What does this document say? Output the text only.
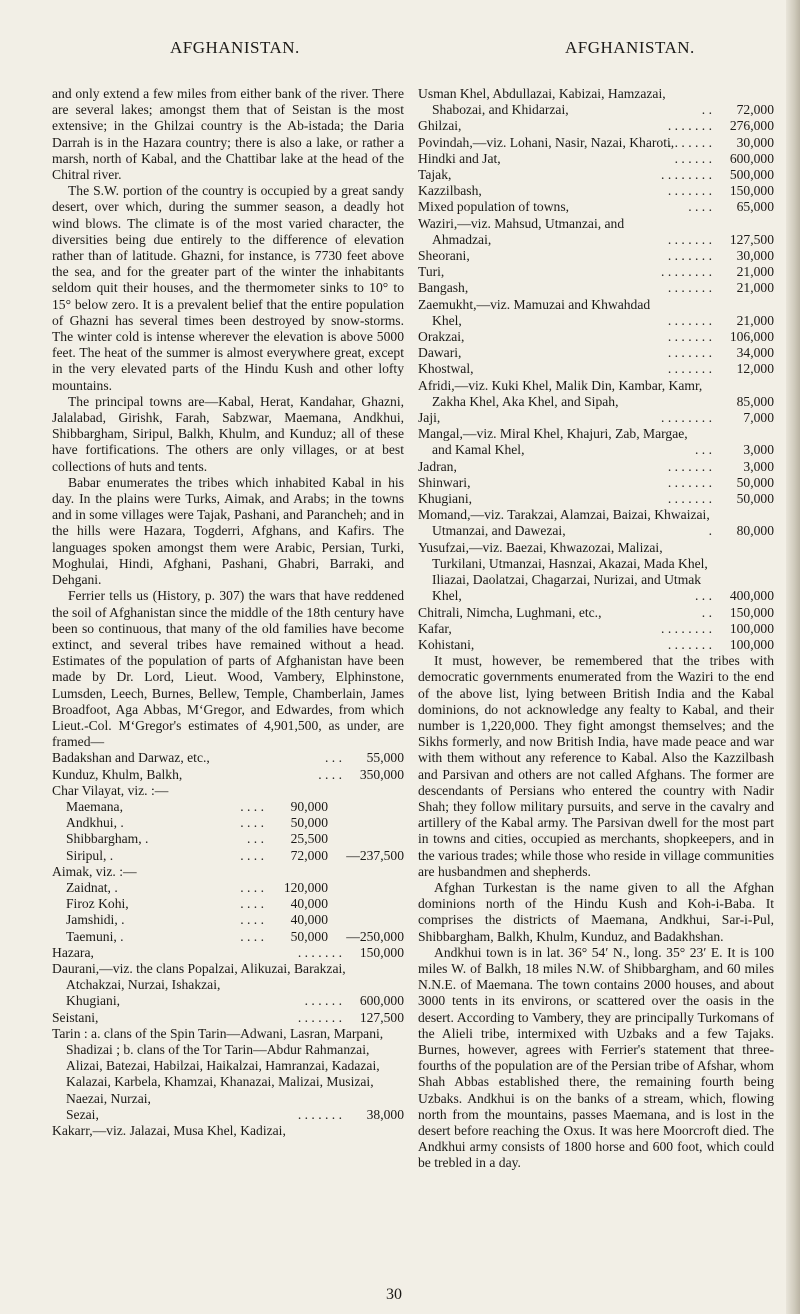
AFGHANISTAN.	AFGHANISTAN.

and only extend a few miles from either bank of the river. There are several lakes; amongst them that of Seistan is the most extensive; in the Ghilzai country is the Ab-istada; the Daria Darrah is in the Hazara country; there is also a lake, or rather a marsh, north of Kabal, and the Chattibar lake at the head of the Chitral river.

The S.W. portion of the country is occupied by a great sandy desert, over which, during the summer season, a deadly hot wind blows. The climate is of the most varied character, the diversities being due entirely to the difference of elevation rather than of latitude. Ghazni, for instance, is 7730 feet above the sea, and for the greater part of the winter the inhabitants seldom quit their houses, and the thermometer sinks to 10° to 15° below zero. It is a prevalent belief that the entire population of Ghazni has several times been destroyed by snow-storms. The winter cold is intense wherever the elevation is above 5000 feet. The heat of the summer is almost everywhere great, except in the very elevated parts of the Hindu Kush and other lofty mountains.

The principal towns are—Kabal, Herat, Kandahar, Ghazni, Jalalabad, Girishk, Farah, Sabzwar, Maemana, Andkhui, Shibbargham, Siripul, Balkh, Khulm, and Kunduz; all of these have fortifications. The others are only villages, or at best collections of huts and tents.

Babar enumerates the tribes which inhabited Kabal in his day. In the plains were Turks, Aimak, and Arabs; in the towns and in some villages were Tajak, Pashani, and Parancheh; and in the hills were Hazara, Togderri, Afghans, and Kafirs. The languages spoken amongst them were Arabic, Persian, Turki, Moghulai, Hindi, Afghani, Pashani, Ghabri, Barraki, and Dehgani.

Ferrier tells us (History, p. 307) the wars that have reddened the soil of Afghanistan since the middle of the 18th century have been so continuous, that many of the old families have become extinct, and several tribes have remained without a head. Estimates of the population of parts of Afghanistan have been made by Dr. Lord, Lieut. Wood, Vambery, Elphinstone, Lumsden, Leech, Burnes, Bellew, Temple, Chamberlain, James Broadfoot, Aga Abbas, M‘Gregor, and Edwardes, from which Lieut.-Col. M‘Gregor's estimates of 4,901,500, as under, are framed—

Badakshan and Darwaz, etc.,	. . .	55,000
Kunduz, Khulm, Balkh,	. . . .	350,000
Char Vilayat, viz. :—
Maemana,	. . . .	90,000
Andkhui, .	. . . .	50,000
Shibbargham, .	. . .	25,500
Siripul, .	. . . .	72,000	—237,500
Aimak, viz. :—
Zaidnat, .	. . . .	120,000
Firoz Kohi,	. . . .	40,000
Jamshidi, .	. . . .	40,000
Taemuni, .	. . . .	50,000	—250,000
Hazara,	. . . . . . .	150,000
Daurani,—viz. the clans Popalzai, Alikuzai, Barakzai, Atchakzai, Nurzai, Ishakzai,
Khugiani,	. . . . . .	600,000
Seistani,	. . . . . . .	127,500
Tarin : a. clans of the Spin Tarin—Adwani, Lasran, Marpani, Shadizai ; b. clans of the Tor Tarin—Abdur Rahmanzai, Alizai, Batezai, Habilzai, Haikalzai, Hamranzai, Kadazai, Kalazai, Karbela, Khamzai, Khanazai, Malizai, Musizai, Naezai, Nurzai,
Sezai,	. . . . . . .	38,000
Kakarr,—viz. Jalazai, Musa Khel, Kadizai,
Usman Khel, Abdullazai, Kabizai, Hamzazai, Shabozai, and Khidarzai,	. .	72,000
Ghilzai,	. . . . . . .	276,000
Povindah,—viz. Lohani, Nasir, Nazai, Kharoti,
. . . . . . .	30,000
Hindki and Jat,	. . . . . .	600,000
Tajak,	. . . . . . . .	500,000
Kazzilbash,	. . . . . . .	150,000
Mixed population of towns,	. . . .	65,000
Waziri,—viz. Mahsud, Utmanzai, and Ahmadzai,	. . . . . . .	127,500
Sheorani,	. . . . . . .	30,000
Turi,	. . . . . . . .	21,000
Bangash,	. . . . . . .	21,000
Zaemukht,—viz. Mamuzai and Khwahdad Khel,	. . . . . . .	21,000
Orakzai,	. . . . . . .	106,000
Dawari,	. . . . . . .	34,000
Khostwal,	. . . . . . .	12,000
Afridi,—viz. Kuki Khel, Malik Din, Kambar, Kamr, Zakha Khel, Aka Khel, and Sipah,	85,000
Jaji,	. . . . . . . .	7,000
Mangal,—viz. Miral Khel, Khajuri, Zab, Margae, and Kamal Khel,	. . .	3,000
Jadran,	. . . . . . .	3,000
Shinwari,	. . . . . . .	50,000
Khugiani,	. . . . . . .	50,000
Momand,—viz. Tarakzai, Alamzai, Baizai, Khwaizai, Utmanzai, and Dawezai,	.	80,000
Yusufzai,—viz. Baezai, Khwazozai, Malizai, Turkilani, Utmanzai, Hasnzai, Akazai, Mada Khel, Iliazai, Daolatzai, Chagarzai, Nurizai, and Utmak Khel,	. . .	400,000
Chitrali, Nimcha, Lughmani, etc.,	. .	150,000
Kafar,	. . . . . . . .	100,000
Kohistani,	. . . . . . .	100,000

It must, however, be remembered that the tribes with democratic governments enumerated from the Waziri to the end of the above list, lying between British India and the Kabal dominions, do not acknowledge any fealty to Kabal, and their number is 1,220,000. They fight amongst themselves; and the Sikhs formerly, and now British India, have made peace and war with them without any reference to Kabal. Also the Kazzilbash and Parsivan and others are not called Afghans. The former are descendants of Persians who entered the country with Nadir Shah; they follow military pursuits, and serve in the cavalry and artillery of the Kabal army. The Parsivan dwell for the most part in towns and cities, occupied as merchants, shopkeepers, and in the various trades; while those who reside in village communities are husbandmen and shepherds.

Afghan Turkestan is the name given to all the Afghan dominions north of the Hindu Kush and Koh-i-Baba. It comprises the districts of Maemana, Andkhui, Sar-i-Pul, Shibbargham, Balkh, Khulm, Kunduz, and Badakhshan.

Andkhui town is in lat. 36° 54′ N., long. 35° 23′ E. It is 100 miles W. of Balkh, 18 miles N.W. of Shibbargham, and 60 miles N.N.E. of Maemana. The town contains 2000 houses, and about 3000 tents in its environs, or scattered over the oasis in the desert. According to Vambery, they are principally Turkomans of the Alieli tribe, intermixed with Uzbaks and a few Tajaks. Burnes, however, agrees with Ferrier's statement that three-fourths of the population are of the Persian tribe of Afshar, whom Shah Abbas established there, the remaining fourth being Uzbaks. Andkhui is on the banks of a stream, which, flowing north from the mountains, passes Maemana, and is lost in the desert before reaching the Oxus. It was here Moorcroft died. The Andkhui army consists of 1800 horse and 600 foot, which could be trebled in a day.

30
